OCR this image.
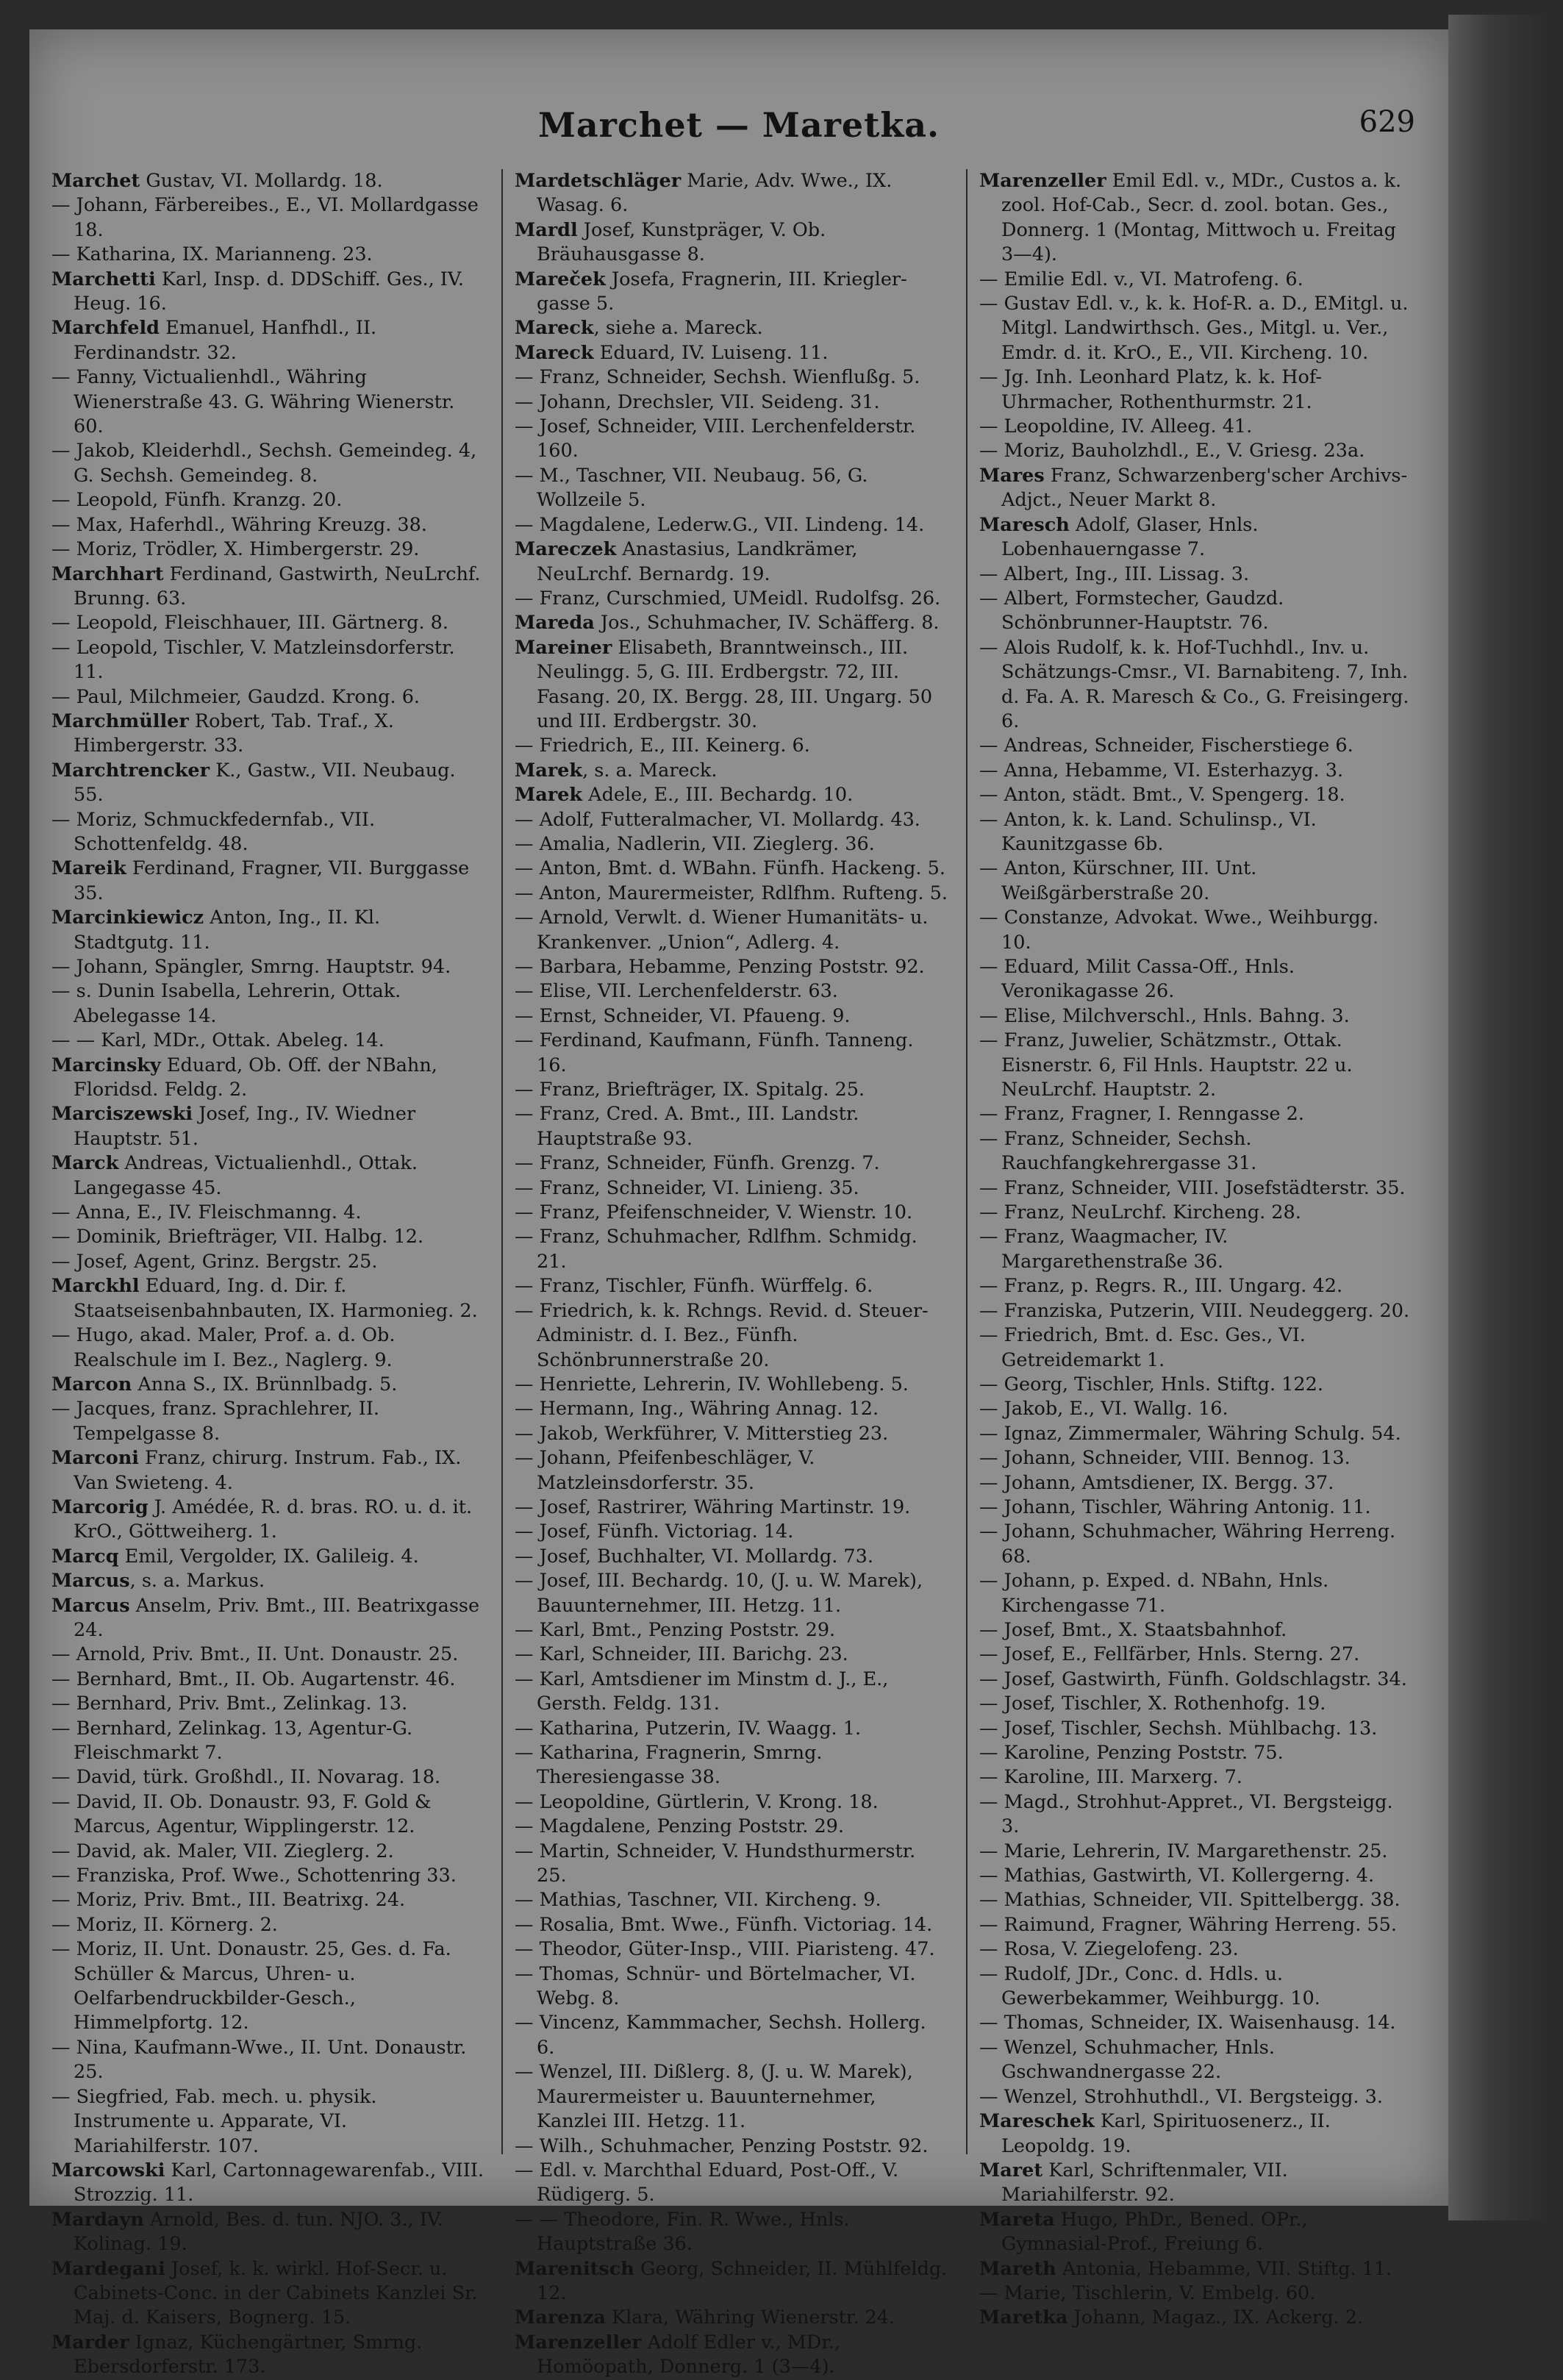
Marchet — Maretka.	629

Marchet Gustav, VI. Mollardg. 18.

— Johann, Färbereibes., E., VI. Mollardgasse 18.

— Katharina, IX. Marianneng. 23.

Marchetti Karl, Insp. d. DDSchiff. Ges., IV. Heug. 16.

Marchfeld Emanuel, Hanfhdl., II. Ferdinandstr. 32.

— Fanny, Victualienhdl., Währing Wienerstraße 43. G. Währing Wienerstr. 60.

— Jakob, Kleiderhdl., Sechsh. Gemeindeg. 4, G. Sechsh. Gemeindeg. 8.

— Leopold, Fünfh. Kranzg. 20.

— Max, Haferhdl., Währing Kreuzg. 38.

— Moriz, Trödler, X. Himbergerstr. 29.

Marchhart Ferdinand, Gastwirth, NeuLrchf. Brunng. 63.

— Leopold, Fleischhauer, III. Gärtnerg. 8.

— Leopold, Tischler, V. Matzleinsdorferstr. 11.

— Paul, Milchmeier, Gaudzd. Krong. 6.

Marchmüller Robert, Tab. Traf., X. Himbergerstr. 33.

Marchtrencker K., Gastw., VII. Neubaug. 55.

— Moriz, Schmuckfedernfab., VII. Schottenfeldg. 48.

Mareik Ferdinand, Fragner, VII. Burggasse 35.

Marcinkiewicz Anton, Ing., II. Kl. Stadtgutg. 11.

— Johann, Spängler, Smrng. Hauptstr. 94.

— s. Dunin Isabella, Lehrerin, Ottak. Abelegasse 14.

— — Karl, MDr., Ottak. Abeleg. 14.

Marcinsky Eduard, Ob. Off. der NBahn, Floridsd. Feldg. 2.

Marciszewski Josef, Ing., IV. Wiedner Hauptstr. 51.

Marck Andreas, Victualienhdl., Ottak. Langegasse 45.

— Anna, E., IV. Fleischmanng. 4.

— Dominik, Briefträger, VII. Halbg. 12.

— Josef, Agent, Grinz. Bergstr. 25.

Marckhl Eduard, Ing. d. Dir. f. Staatseisenbahnbauten, IX. Harmonieg. 2.

— Hugo, akad. Maler, Prof. a. d. Ob. Realschule im I. Bez., Naglerg. 9.

Marcon Anna S., IX. Brünnlbadg. 5.

— Jacques, franz. Sprachlehrer, II. Tempelgasse 8.

Marconi Franz, chirurg. Instrum. Fab., IX. Van Swieteng. 4.

Marcorig J. Amédée, R. d. bras. RO. u. d. it. KrO., Göttweiherg. 1.

Marcq Emil, Vergolder, IX. Galileig. 4.

Marcus, s. a. Markus.

Marcus Anselm, Priv. Bmt., III. Beatrixgasse 24.

— Arnold, Priv. Bmt., II. Unt. Donaustr. 25.

— Bernhard, Bmt., II. Ob. Augartenstr. 46.

— Bernhard, Priv. Bmt., Zelinkag. 13.

— Bernhard, Zelinkag. 13, Agentur-G. Fleischmarkt 7.

— David, türk. Großhdl., II. Novarag. 18.

— David, II. Ob. Donaustr. 93, F. Gold & Marcus, Agentur, Wipplingerstr. 12.

— David, ak. Maler, VII. Zieglerg. 2.

— Franziska, Prof. Wwe., Schottenring 33.

— Moriz, Priv. Bmt., III. Beatrixg. 24.

— Moriz, II. Körnerg. 2.

— Moriz, II. Unt. Donaustr. 25, Ges. d. Fa. Schüller & Marcus, Uhren- u. Oelfarbendruckbilder-Gesch., Himmelpfortg. 12.

— Nina, Kaufmann-Wwe., II. Unt. Donaustr. 25.

— Siegfried, Fab. mech. u. physik. Instrumente u. Apparate, VI. Mariahilferstr. 107.

Marcowski Karl, Cartonnagewarenfab., VIII. Strozzig. 11.

Mardayn Arnold, Bes. d. tun. NJO. 3., IV. Kolinag. 19.

Mardegani Josef, k. k. wirkl. Hof-Secr. u. Cabinets-Conc. in der Cabinets Kanzlei Sr. Maj. d. Kaisers, Bognerg. 15.

Marder Ignaz, Küchengärtner, Smrng. Ebersdorferstr. 173.

Mardetschläger Marie, Adv. Wwe., IX. Wasag. 6.

Mardl Josef, Kunstpräger, V. Ob. Bräuhausgasse 8.

Mareček Josefa, Fragnerin, III. Kriegler-gasse 5.

Mareck, siehe a. Mareck.

Mareck Eduard, IV. Luiseng. 11.

— Franz, Schneider, Sechsh. Wienflußg. 5.

— Johann, Drechsler, VII. Seideng. 31.

— Josef, Schneider, VIII. Lerchenfelderstr. 160.

— M., Taschner, VII. Neubaug. 56, G. Wollzeile 5.

— Magdalene, Lederw.G., VII. Lindeng. 14.

Mareczek Anastasius, Landkrämer, NeuLrchf. Bernardg. 19.

— Franz, Curschmied, UMeidl. Rudolfsg. 26.

Mareda Jos., Schuhmacher, IV. Schäfferg. 8.

Mareiner Elisabeth, Branntweinsch., III. Neulingg. 5, G. III. Erdbergstr. 72, III. Fasang. 20, IX. Bergg. 28, III. Ungarg. 50 und III. Erdbergstr. 30.

— Friedrich, E., III. Keinerg. 6.

Marek, s. a. Mareck.

Marek Adele, E., III. Bechardg. 10.

— Adolf, Futteralmacher, VI. Mollardg. 43.

— Amalia, Nadlerin, VII. Zieglerg. 36.

— Anton, Bmt. d. WBahn. Fünfh. Hackeng. 5.

— Anton, Maurermeister, Rdlfhm. Rufteng. 5.

— Arnold, Verwlt. d. Wiener Humanitäts- u. Krankenver. „Union“, Adlerg. 4.

— Barbara, Hebamme, Penzing Poststr. 92.

— Elise, VII. Lerchenfelderstr. 63.

— Ernst, Schneider, VI. Pfaueng. 9.

— Ferdinand, Kaufmann, Fünfh. Tanneng. 16.

— Franz, Briefträger, IX. Spitalg. 25.

— Franz, Cred. A. Bmt., III. Landstr. Hauptstraße 93.

— Franz, Schneider, Fünfh. Grenzg. 7.

— Franz, Schneider, VI. Linieng. 35.

— Franz, Pfeifenschneider, V. Wienstr. 10.

— Franz, Schuhmacher, Rdlfhm. Schmidg. 21.

— Franz, Tischler, Fünfh. Würffelg. 6.

— Friedrich, k. k. Rchngs. Revid. d. Steuer-Administr. d. I. Bez., Fünfh. Schönbrunnerstraße 20.

— Henriette, Lehrerin, IV. Wohllebeng. 5.

— Hermann, Ing., Währing Annag. 12.

— Jakob, Werkführer, V. Mitterstieg 23.

— Johann, Pfeifenbeschläger, V. Matzleinsdorferstr. 35.

— Josef, Rastrirer, Währing Martinstr. 19.

— Josef, Fünfh. Victoriag. 14.

— Josef, Buchhalter, VI. Mollardg. 73.

— Josef, III. Bechardg. 10, (J. u. W. Marek), Bauunternehmer, III. Hetzg. 11.

— Karl, Bmt., Penzing Poststr. 29.

— Karl, Schneider, III. Barichg. 23.

— Karl, Amtsdiener im Minstm d. J., E., Gersth. Feldg. 131.

— Katharina, Putzerin, IV. Waagg. 1.

— Katharina, Fragnerin, Smrng. Theresiengasse 38.

— Leopoldine, Gürtlerin, V. Krong. 18.

— Magdalene, Penzing Poststr. 29.

— Martin, Schneider, V. Hundsthurmerstr. 25.

— Mathias, Taschner, VII. Kircheng. 9.

— Rosalia, Bmt. Wwe., Fünfh. Victoriag. 14.

— Theodor, Güter-Insp., VIII. Piaristeng. 47.

— Thomas, Schnür- und Börtelmacher, VI. Webg. 8.

— Vincenz, Kammmacher, Sechsh. Hollerg. 6.

— Wenzel, III. Dißlerg. 8, (J. u. W. Marek), Maurermeister u. Bauunternehmer, Kanzlei III. Hetzg. 11.

— Wilh., Schuhmacher, Penzing Poststr. 92.

— Edl. v. Marchthal Eduard, Post-Off., V. Rüdigerg. 5.

— — Theodore, Fin. R. Wwe., Hnls. Hauptstraße 36.

Marenitsch Georg, Schneider, II. Mühlfeldg. 12.

Marenza Klara, Währing Wienerstr. 24.

Marenzeller Adolf Edler v., MDr., Homöopath, Donnerg. 1 (3—4).

Marenzeller Emil Edl. v., MDr., Custos a. k. zool. Hof-Cab., Secr. d. zool. botan. Ges., Donnerg. 1 (Montag, Mittwoch u. Freitag 3—4).

— Emilie Edl. v., VI. Matrofeng. 6.

— Gustav Edl. v., k. k. Hof-R. a. D., EMitgl. u. Mitgl. Landwirthsch. Ges., Mitgl. u. Ver., Emdr. d. it. KrO., E., VII. Kircheng. 10.

— Jg. Inh. Leonhard Platz, k. k. Hof-Uhrmacher, Rothenthurmstr. 21.

— Leopoldine, IV. Alleeg. 41.

— Moriz, Bauholzhdl., E., V. Griesg. 23a.

Mares Franz, Schwarzenberg'scher Archivs-Adjct., Neuer Markt 8.

Maresch Adolf, Glaser, Hnls. Lobenhauerngasse 7.

— Albert, Ing., III. Lissag. 3.

— Albert, Formstecher, Gaudzd. Schönbrunner-Hauptstr. 76.

— Alois Rudolf, k. k. Hof-Tuchhdl., Inv. u. Schätzungs-Cmsr., VI. Barnabiteng. 7, Inh. d. Fa. A. R. Maresch & Co., G. Freisingerg. 6.

— Andreas, Schneider, Fischerstiege 6.

— Anna, Hebamme, VI. Esterhazyg. 3.

— Anton, städt. Bmt., V. Spengerg. 18.

— Anton, k. k. Land. Schulinsp., VI. Kaunitzgasse 6b.

— Anton, Kürschner, III. Unt. Weißgärberstraße 20.

— Constanze, Advokat. Wwe., Weihburgg. 10.

— Eduard, Milit Cassa-Off., Hnls. Veronikagasse 26.

— Elise, Milchverschl., Hnls. Bahng. 3.

— Franz, Juwelier, Schätzmstr., Ottak. Eisnerstr. 6, Fil Hnls. Hauptstr. 22 u. NeuLrchf. Hauptstr. 2.

— Franz, Fragner, I. Renngasse 2.

— Franz, Schneider, Sechsh. Rauchfangkehrergasse 31.

— Franz, Schneider, VIII. Josefstädterstr. 35.

— Franz, NeuLrchf. Kircheng. 28.

— Franz, Waagmacher, IV. Margarethenstraße 36.

— Franz, p. Regrs. R., III. Ungarg. 42.

— Franziska, Putzerin, VIII. Neudeggerg. 20.

— Friedrich, Bmt. d. Esc. Ges., VI. Getreidemarkt 1.

— Georg, Tischler, Hnls. Stiftg. 122.

— Jakob, E., VI. Wallg. 16.

— Ignaz, Zimmermaler, Währing Schulg. 54.

— Johann, Schneider, VIII. Bennog. 13.

— Johann, Amtsdiener, IX. Bergg. 37.

— Johann, Tischler, Währing Antonig. 11.

— Johann, Schuhmacher, Währing Herreng. 68.

— Johann, p. Exped. d. NBahn, Hnls. Kirchengasse 71.

— Josef, Bmt., X. Staatsbahnhof.

— Josef, E., Fellfärber, Hnls. Sterng. 27.

— Josef, Gastwirth, Fünfh. Goldschlagstr. 34.

— Josef, Tischler, X. Rothenhofg. 19.

— Josef, Tischler, Sechsh. Mühlbachg. 13.

— Karoline, Penzing Poststr. 75.

— Karoline, III. Marxerg. 7.

— Magd., Strohhut-Appret., VI. Bergsteigg. 3.

— Marie, Lehrerin, IV. Margarethenstr. 25.

— Mathias, Gastwirth, VI. Kollergerng. 4.

— Mathias, Schneider, VII. Spittelbergg. 38.

— Raimund, Fragner, Währing Herreng. 55.

— Rosa, V. Ziegelofeng. 23.

— Rudolf, JDr., Conc. d. Hdls. u. Gewerbekammer, Weihburgg. 10.

— Thomas, Schneider, IX. Waisenhausg. 14.

— Wenzel, Schuhmacher, Hnls. Gschwandnergasse 22.

— Wenzel, Strohhuthdl., VI. Bergsteigg. 3.

Mareschek Karl, Spirituosenerz., II. Leopoldg. 19.

Maret Karl, Schriftenmaler, VII. Mariahilferstr. 92.

Mareta Hugo, PhDr., Bened. OPr., Gymnasial-Prof., Freiung 6.

Mareth Antonia, Hebamme, VII. Stiftg. 11.

— Marie, Tischlerin, V. Embelg. 60.

Maretka Johann, Magaz., IX. Ackerg. 2.
